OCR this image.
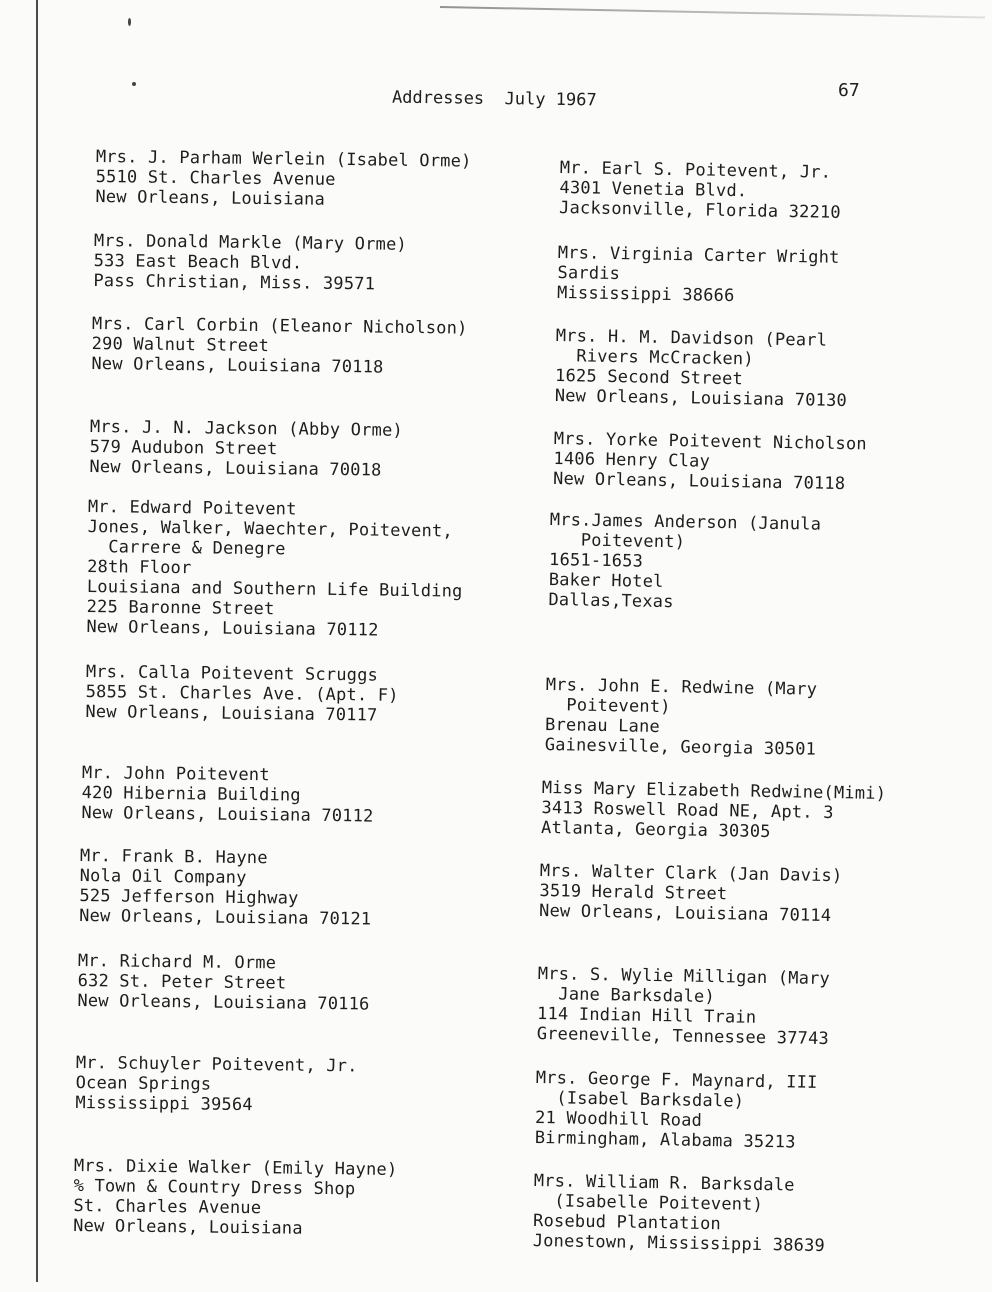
Addresses  July 1967	67
Mrs. J. Parham Werlein (Isabel Orme)
5510 St. Charles Avenue
New Orleans, Louisiana
Mrs. Donald Markle (Mary Orme)
533 East Beach Blvd.
Pass Christian, Miss. 39571
Mrs. Carl Corbin (Eleanor Nicholson)
290 Walnut Street
New Orleans, Louisiana 70118
Mrs. J. N. Jackson (Abby Orme)
579 Audubon Street
New Orleans, Louisiana 70018
Mr. Edward Poitevent
Jones, Walker, Waechter, Poitevent,
Carrere & Denegre
28th Floor
Louisiana and Southern Life Building
225 Baronne Street
New Orleans, Louisiana 70112
Mrs. Calla Poitevent Scruggs
5855 St. Charles Ave. (Apt. F)
New Orleans, Louisiana 70117
Mr. John Poitevent
420 Hibernia Building
New Orleans, Louisiana 70112
Mr. Frank B. Hayne
Nola Oil Company
525 Jefferson Highway
New Orleans, Louisiana 70121
Mr. Richard M. Orme
632 St. Peter Street
New Orleans, Louisiana 70116
Mr. Schuyler Poitevent, Jr.
Ocean Springs
Mississippi 39564
Mrs. Dixie Walker (Emily Hayne)
% Town & Country Dress Shop
St. Charles Avenue
New Orleans, Louisiana
Mr. Earl S. Poitevent, Jr.
4301 Venetia Blvd.
Jacksonville, Florida 32210
Mrs. Virginia Carter Wright
Sardis
Mississippi 38666
Mrs. H. M. Davidson (Pearl
Rivers McCracken)
1625 Second Street
New Orleans, Louisiana 70130
Mrs. Yorke Poitevent Nicholson
1406 Henry Clay
New Orleans, Louisiana 70118
Mrs.James Anderson (Janula
Poitevent)
1651-1653
Baker Hotel
Dallas,Texas
Mrs. John E. Redwine (Mary
Poitevent)
Brenau Lane
Gainesville, Georgia 30501
Miss Mary Elizabeth Redwine(Mimi)
3413 Roswell Road NE, Apt. 3
Atlanta, Georgia 30305
Mrs. Walter Clark (Jan Davis)
3519 Herald Street
New Orleans, Louisiana 70114
Mrs. S. Wylie Milligan (Mary
Jane Barksdale)
114 Indian Hill Train
Greeneville, Tennessee 37743
Mrs. George F. Maynard, III
(Isabel Barksdale)
21 Woodhill Road
Birmingham, Alabama 35213
Mrs. William R. Barksdale
(Isabelle Poitevent)
Rosebud Plantation
Jonestown, Mississippi 38639
